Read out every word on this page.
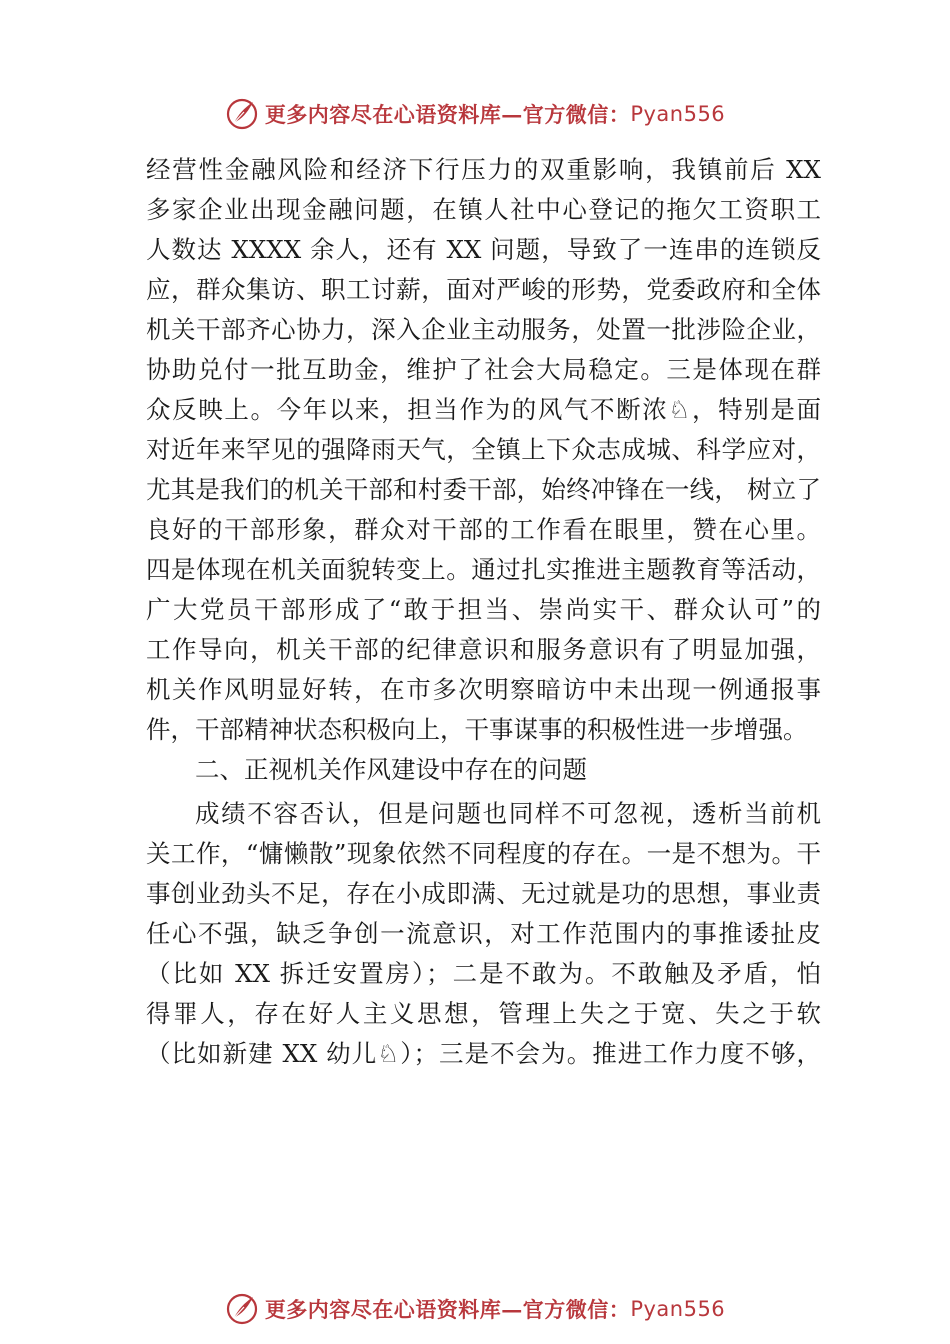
更多内容尽在心语资料库—官方微信： Pyan556
经营性金融风险和经济下行压力的双重影响，我镇前后 XX
多家企业出现金融问题，在镇人社中心登记的拖欠工资职工
人数达 XXXX 余人，还有 XX 问题，导致了一连串的连锁反
应，群众集访、职工讨薪，面对严峻的形势，党委政府和全体
机关干部齐心协力，深入企业主动服务，处置一批涉险企业，
协助兑付一批互助金，维护了社会大局稳定。三是体现在群
众反映上。今年以来，担当作为的风气不断浓♘，特别是面
对近年来罕见的强降雨天气，全镇上下众志成城、科学应对，
尤其是我们的机关干部和村委干部，始终冲锋在一线， 树立了
良好的干部形象，群众对干部的工作看在眼里，赞在心里。
四是体现在机关面貌转变上。通过扎实推进主题教育等活动，
广大党员干部形成了“敢于担当、崇尚实干、群众认可”的
工作导向，机关干部的纪律意识和服务意识有了明显加强，
机关作风明显好转，在市多次明察暗访中未出现一例通报事
件，干部精神状态积极向上，干事谋事的积极性进一步增强。
二、正视机关作风建设中存在的问题
成绩不容否认，但是问题也同样不可忽视，透析当前机
关工作，“慵懒散”现象依然不同程度的存在。一是不想为。干
事创业劲头不足，存在小成即满、无过就是功的思想，事业责
任心不强，缺乏争创一流意识，对工作范围内的事推诿扯皮
（比如 XX 拆迁安置房）；二是不敢为。不敢触及矛盾，怕
得罪人，存在好人主义思想，管理上失之于宽、失之于软
（比如新建 XX 幼儿♘）；三是不会为。推进工作力度不够，
更多内容尽在心语资料库—官方微信： Pyan556
